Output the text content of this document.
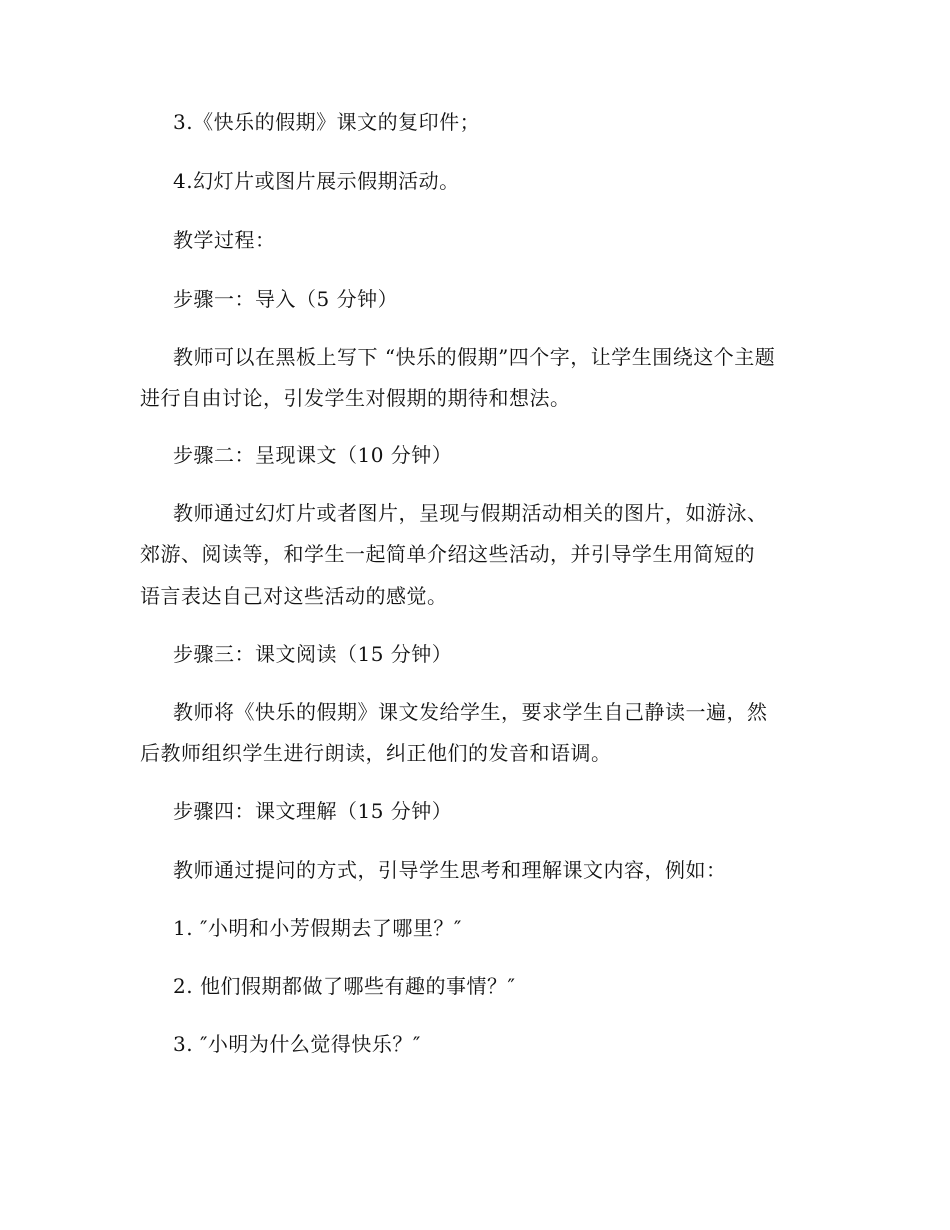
3.《快乐的假期》课文的复印件；
4.幻灯片或图片展示假期活动。
教学过程：
步骤一：导入（5 分钟）
教师可以在黑板上写下 “快乐的假期”四个字，让学生围绕这个主题
进行自由讨论，引发学生对假期的期待和想法。
步骤二：呈现课文（10 分钟）
教师通过幻灯片或者图片，呈现与假期活动相关的图片，如游泳、
郊游、阅读等，和学生一起简单介绍这些活动，并引导学生用简短的
语言表达自己对这些活动的感觉。
步骤三：课文阅读（15 分钟）
教师将《快乐的假期》课文发给学生，要求学生自己静读一遍，然
后教师组织学生进行朗读，纠正他们的发音和语调。
步骤四：课文理解（15 分钟）
教师通过提问的方式，引导学生思考和理解课文内容，例如：
1. ″小明和小芳假期去了哪里？″
2. 他们假期都做了哪些有趣的事情？″
3. ″小明为什么觉得快乐？″
